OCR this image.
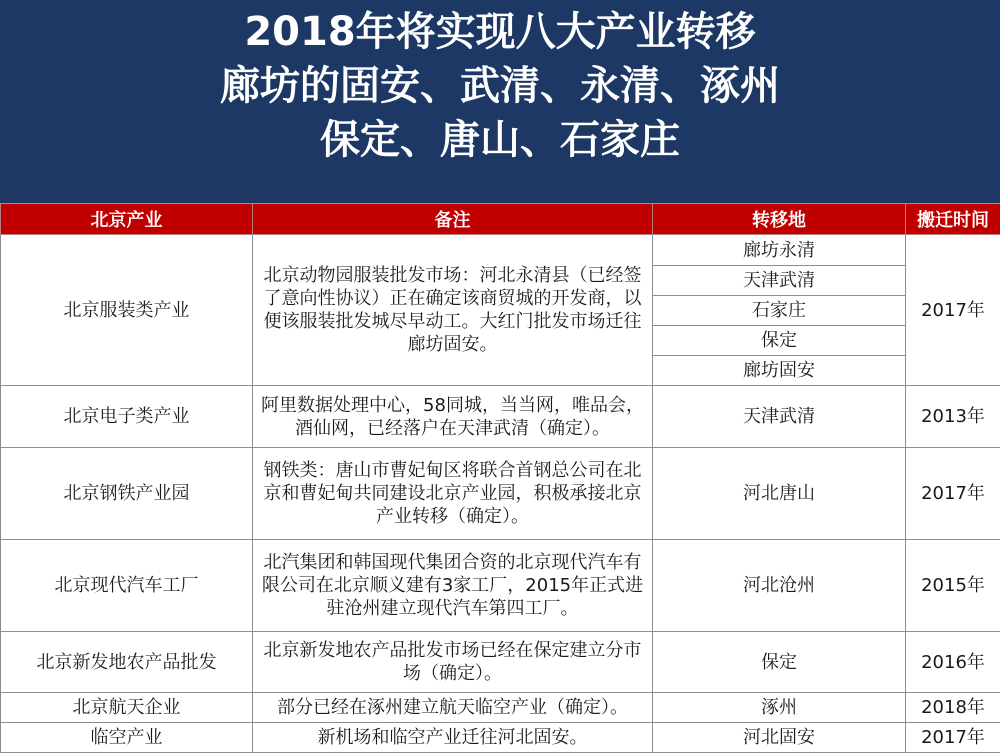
2018年将实现八大产业转移
廊坊的固安、武清、永清、涿州
保定、唐山、石家庄
北京产业	备注	转移地	搬迁时间
北京服装类产业	北京动物园服装批发市场：河北永清县（已经签了意向性协议）正在确定该商贸城的开发商，以便该服装批发城尽早动工。大红门批发市场迁往廊坊固安。	廊坊永清	2017年
		天津武清	
		石家庄	
		保定	
		廊坊固安	
北京电子类产业	阿里数据处理中心，58同城，当当网，唯品会，酒仙网，已经落户在天津武清（确定）。	天津武清	2013年
北京钢铁产业园	钢铁类：唐山市曹妃甸区将联合首钢总公司在北京和曹妃甸共同建设北京产业园，积极承接北京产业转移（确定）。	河北唐山	2017年
北京现代汽车工厂	北汽集团和韩国现代集团合资的北京现代汽车有限公司在北京顺义建有3家工厂，2015年正式进驻沧州建立现代汽车第四工厂。	河北沧州	2015年
北京新发地农产品批发	北京新发地农产品批发市场已经在保定建立分市场（确定）。	保定	2016年
北京航天企业	部分已经在涿州建立航天临空产业（确定）。	涿州	2018年
临空产业	新机场和临空产业迁往河北固安。	河北固安	2017年
